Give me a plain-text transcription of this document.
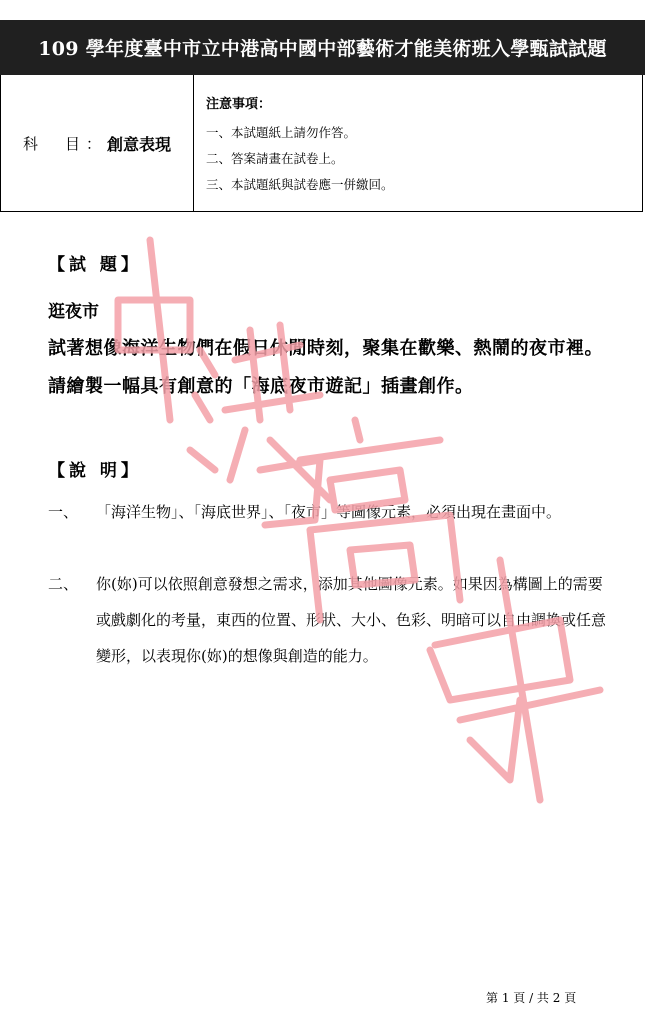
109 學年度臺中市立中港高中國中部藝術才能美術班入學甄試試題
科　目： 創意表現
注意事項：
一、本試題紙上請勿作答。
二、答案請畫在試卷上。
三、本試題紙與試卷應一併繳回。
【試 題】
逛夜市
試著想像海洋生物們在假日休閒時刻，聚集在歡樂、熱鬧的夜市裡。請繪製一幅具有創意的「海底夜市遊記」插畫創作。
【說 明】
一、	「海洋生物」、「海底世界」、「夜市」等圖像元素，必須出現在畫面中。
二、	你(妳)可以依照創意發想之需求，添加其他圖像元素。如果因為構圖上的需要或戲劇化的考量，東西的位置、形狀、大小、色彩、明暗可以自由調換或任意變形，以表現你(妳)的想像與創造的能力。
第 1 頁 / 共 2 頁
